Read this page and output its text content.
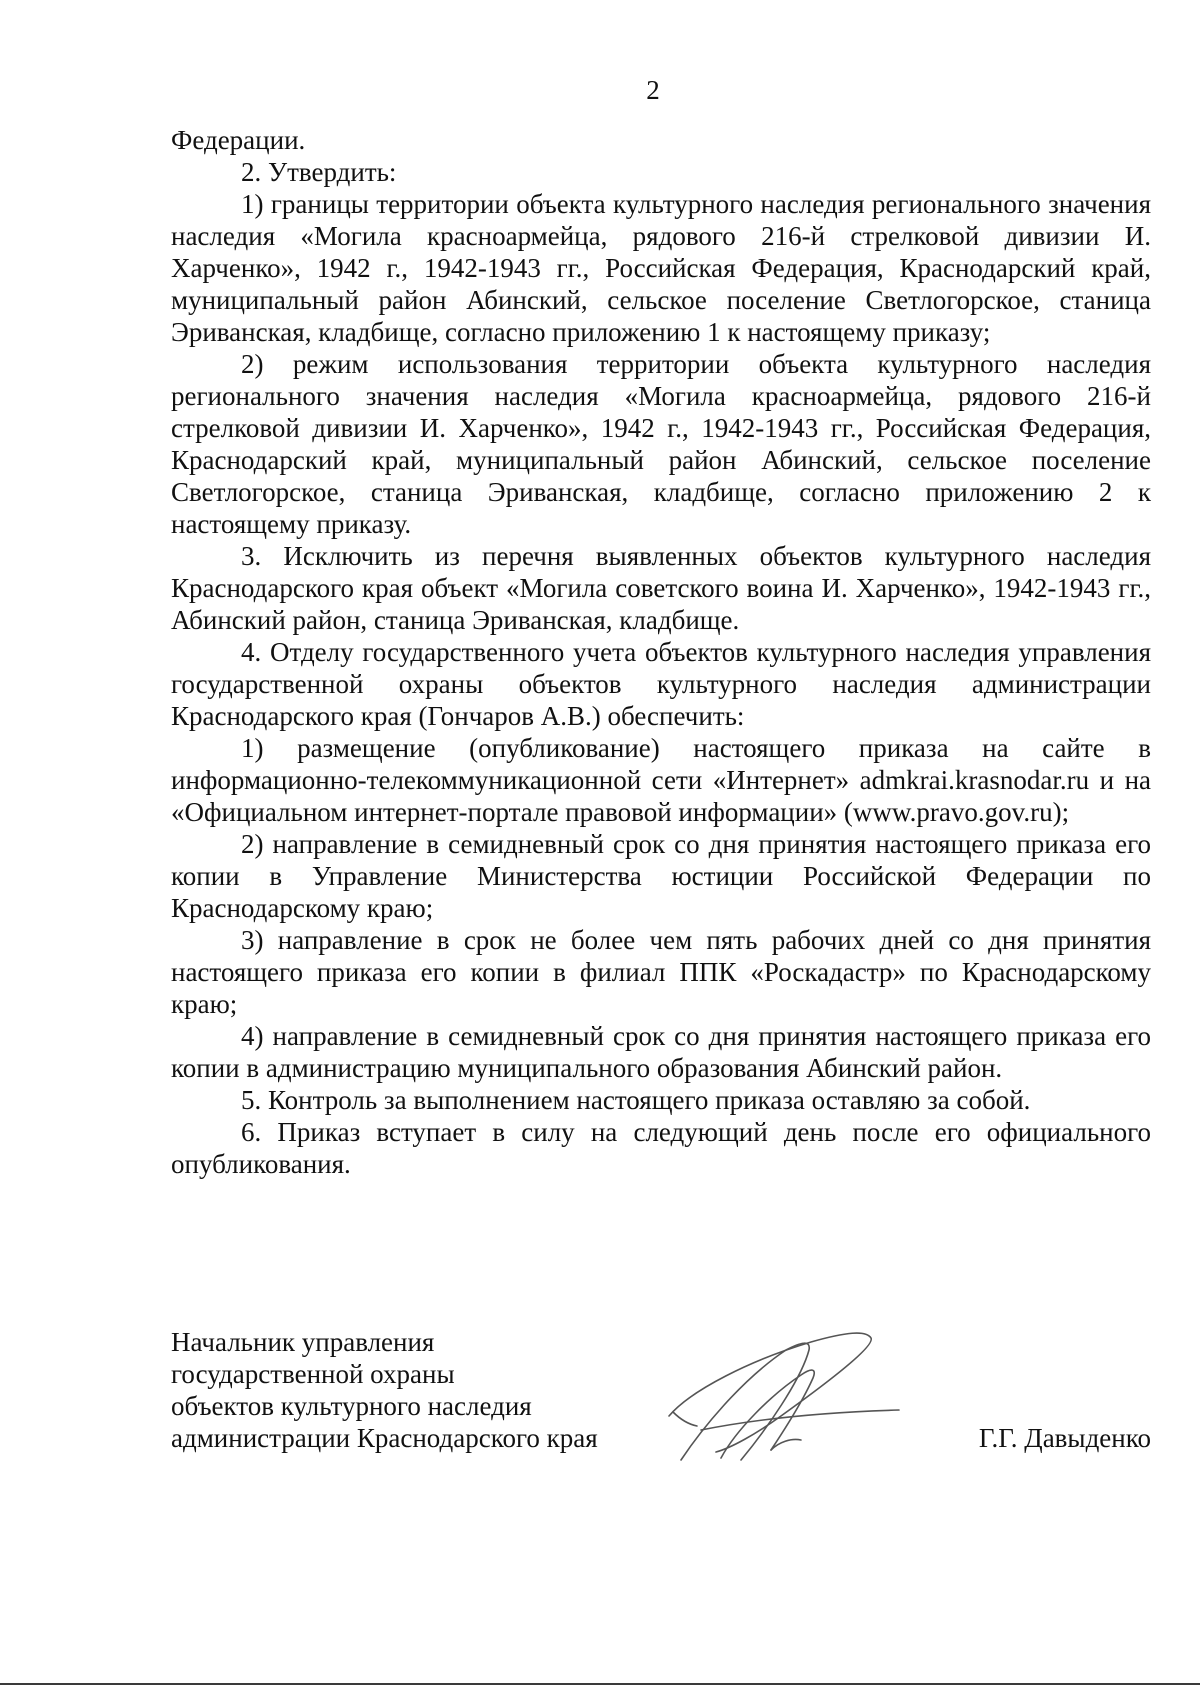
2

Федерации.

2. Утвердить:

1) границы территории объекта культурного наследия регионального значения наследия «Могила красноармейца, рядового 216-й стрелковой дивизии И. Харченко», 1942 г., 1942-1943 гг., Российская Федерация, Краснодарский край, муниципальный район Абинский, сельское поселение Светлогорское, станица Эриванская, кладбище, согласно приложению 1 к настоящему приказу;

2) режим использования территории объекта культурного наследия регионального значения наследия «Могила красноармейца, рядового 216-й стрелковой дивизии И. Харченко», 1942 г., 1942-1943 гг., Российская Федерация, Краснодарский край, муниципальный район Абинский, сельское поселение Светлогорское, станица Эриванская, кладбище, согласно приложению 2 к настоящему приказу.

3. Исключить из перечня выявленных объектов культурного наследия Краснодарского края объект «Могила советского воина И. Харченко», 1942-1943 гг., Абинский район, станица Эриванская, кладбище.

4. Отделу государственного учета объектов культурного наследия управления государственной охраны объектов культурного наследия администрации Краснодарского края (Гончаров А.В.) обеспечить:

1) размещение (опубликование) настоящего приказа на сайте в информационно-телекоммуникационной сети «Интернет» admkrai.krasnodar.ru и на «Официальном интернет-портале правовой информации» (www.pravo.gov.ru);

2) направление в семидневный срок со дня принятия настоящего приказа его копии в Управление Министерства юстиции Российской Федерации по Краснодарскому краю;

3) направление в срок не более чем пять рабочих дней со дня принятия настоящего приказа его копии в филиал ППК «Роскадастр» по Краснодарскому краю;

4) направление в семидневный срок со дня принятия настоящего приказа его копии в администрацию муниципального образования Абинский район.

5. Контроль за выполнением настоящего приказа оставляю за собой.

6. Приказ вступает в силу на следующий день после его официального опубликования.

Начальник управления
государственной охраны
объектов культурного наследия
администрации Краснодарского края	Г.Г. Давыденко
